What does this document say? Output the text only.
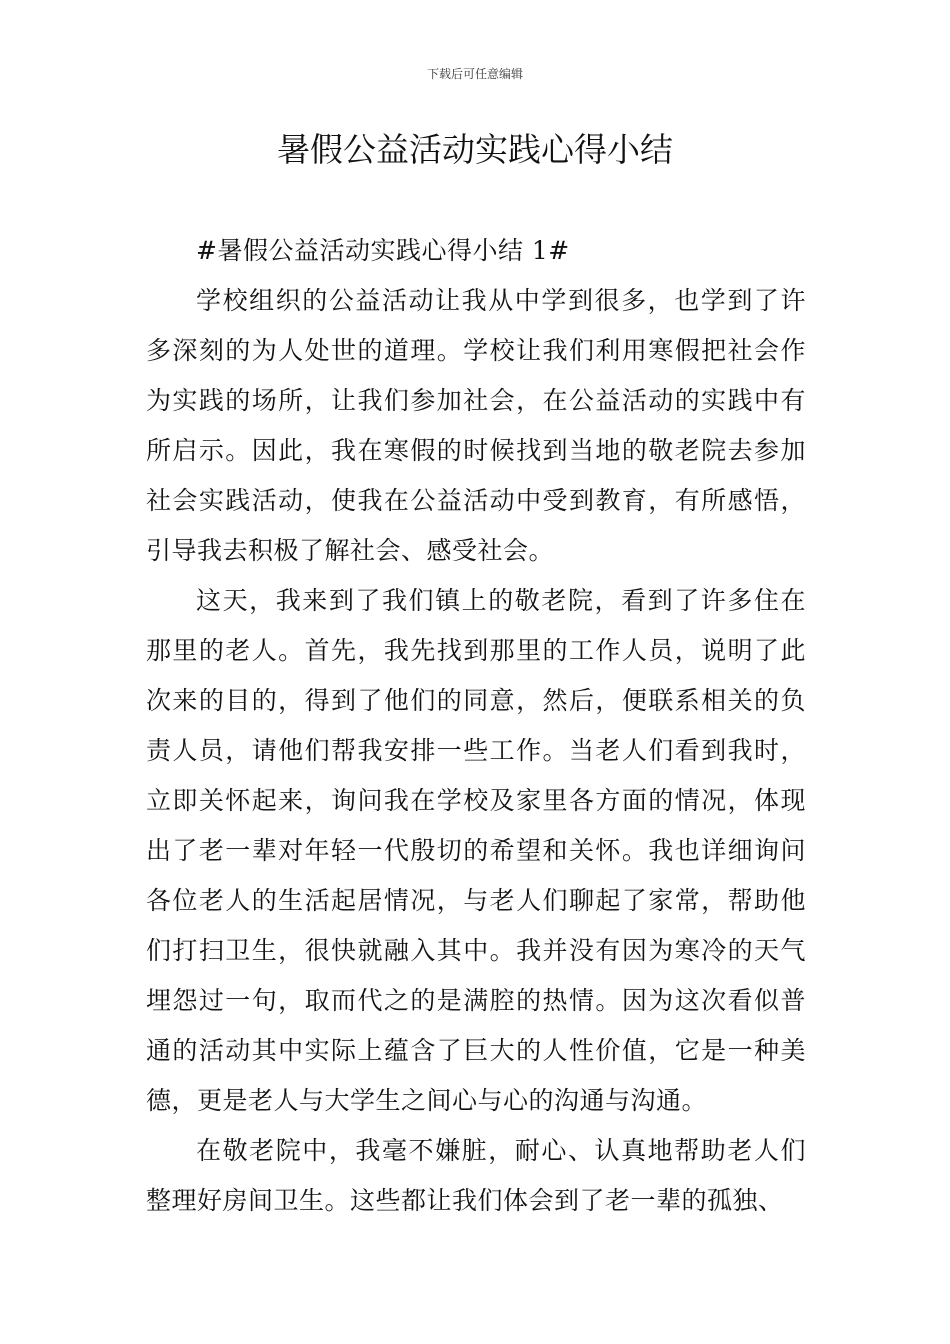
下载后可任意编辑
暑假公益活动实践心得小结

#暑假公益活动实践心得小结 1#

学校组织的公益活动让我从中学到很多，也学到了许多深刻的为人处世的道理。学校让我们利用寒假把社会作为实践的场所，让我们参加社会，在公益活动的实践中有所启示。因此，我在寒假的时候找到当地的敬老院去参加社会实践活动，使我在公益活动中受到教育，有所感悟，引导我去积极了解社会、感受社会。

这天，我来到了我们镇上的敬老院，看到了许多住在那里的老人。首先，我先找到那里的工作人员，说明了此次来的目的，得到了他们的同意，然后，便联系相关的负责人员，请他们帮我安排一些工作。当老人们看到我时，立即关怀起来，询问我在学校及家里各方面的情况，体现出了老一辈对年轻一代殷切的希望和关怀。我也详细询问各位老人的生活起居情况，与老人们聊起了家常，帮助他们打扫卫生，很快就融入其中。我并没有因为寒冷的天气埋怨过一句，取而代之的是满腔的热情。因为这次看似普通的活动其中实际上蕴含了巨大的人性价值，它是一种美德，更是老人与大学生之间心与心的沟通与沟通。

在敬老院中，我毫不嫌脏，耐心、认真地帮助老人们整理好房间卫生。这些都让我们体会到了老一辈的孤独、
